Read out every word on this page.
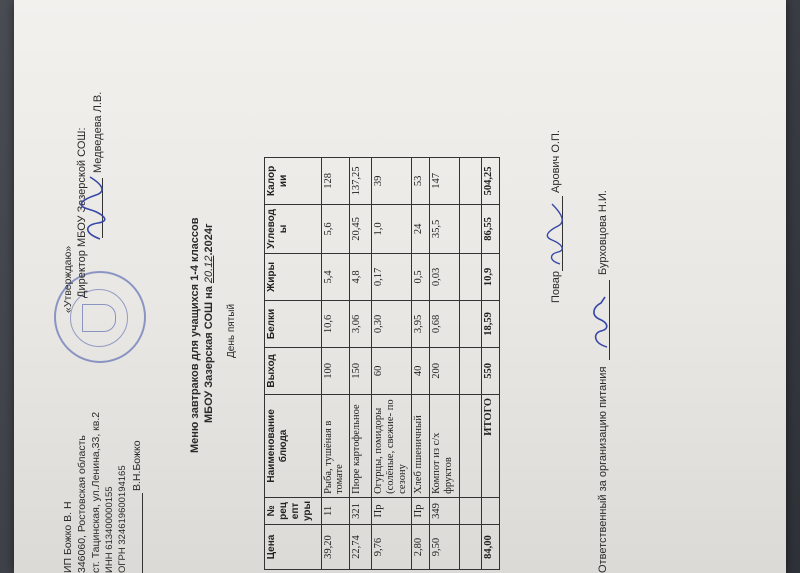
ИП Божко В. Н 346060, Ростовская область ст. Тацинская, ул.Ленина,33, кв.2 ИНН 613400000155 ОГРН 324619600194165 В.Н.Божко
«Утверждаю» Директор МБОУ Зазерской СОШ: Медведева Л.В.
Меню завтраков для учащихся 1-4 классов МБОУ Зазерская СОШ на 20.12.2024г
День пятый
Цена	№ рец епт уры	Наименование блюда	Выход	Белки	Жиры	Углевод ы	Калор ии
39,20	11	Рыба, тушёная в томате	100	10,6	5,4	5,6	128
22,74	321	Пюре картофельное	150	3,06	4,8	20,45	137,25
9,76	Пр	Огурцы, помидоры (солёные, свежие- по сезону	60	0,30	0,17	1,0	39
2,80	Пр	Хлеб пшеничный	40	3,95	0,5	24	53
9,50	349	Компот из с/х фруктов	200	0,68	0,03	35,5	147

84,00		ИТОГО	550	18,59	10,9	86,55	504,25
Повар
Арович О.П.
Ответственный за организацию питания
Бурховцова Н.И.
